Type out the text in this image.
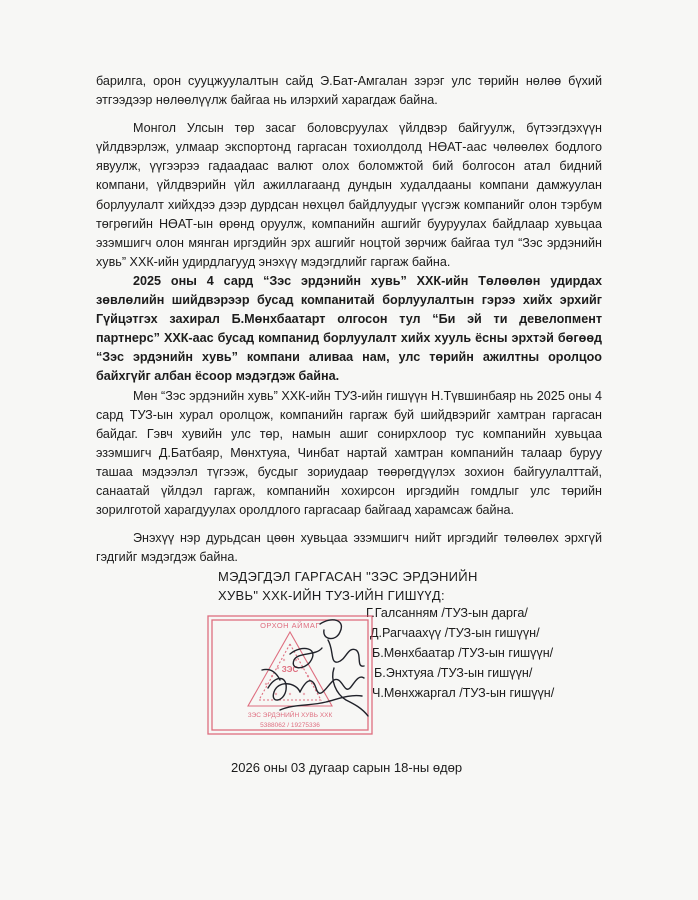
барилга, орон сууцжуулалтын сайд Э.Бат-Амгалан зэрэг улс төрийн нөлөө бүхий этгээдээр нөлөөлүүлж байгаа нь илэрхий харагдаж байна.

Монгол Улсын төр засаг боловсруулах үйлдвэр байгуулж, бүтээгдэхүүн үйлдвэрлэж, улмаар экспортонд гаргасан тохиолдолд НӨАТ-аас чөлөөлөх бодлого явуулж, үүгээрээ гадаадаас валют олох боломжтой бий болгосон атал бидний компани, үйлдвэрийн үйл ажиллагаанд дундын худалдааны компани дамжуулан борлуулалт хийхдээ дээр дурдсан нөхцөл байдлуудыг үүсгэж компанийг олон тэрбум төгрөгийн НӨАТ-ын өрөнд оруулж, компанийн ашгийг бууруулах байдлаар хувьцаа эзэмшигч олон мянган иргэдийн эрх ашгийг ноцтой зөрчиж байгаа тул “Зэс эрдэнийн хувь” ХХК-ийн удирдлагууд энэхүү мэдэгдлийг гаргаж байна.

2025 оны 4 сард “Зэс эрдэнийн хувь” ХХК-ийн Төлөөлөн удирдах зөвлөлийн шийдвэрээр бусад компанитай борлуулалтын гэрээ хийх эрхийг Гүйцэтгэх захирал Б.Мөнхбаатарт олгосон тул “Би эй ти девелопмент партнерс” ХХК-аас бусад компанид борлуулалт хийх хууль ёсны эрхтэй бөгөөд “Зэс эрдэнийн хувь” компани аливаа нам, улс төрийн ажилтны оролцоо байхгүйг албан ёсоор мэдэгдэж байна.

Мөн “Зэс эрдэнийн хувь” ХХК-ийн ТУЗ-ийн гишүүн Н.Түвшинбаяр нь 2025 оны 4 сард ТУЗ-ын хурал оролцож, компанийн гаргаж буй шийдвэрийг хамтран гаргасан байдаг. Гэвч хувийн улс төр, намын ашиг сонирхлоор тус компанийн хувьцаа эзэмшигч Д.Батбаяр, Мөнхтуяа, Чинбат нартай хамтран компанийн талаар буруу ташаа мэдээлэл түгээж, бусдыг зориудаар төөрөгдүүлэх зохион байгуулалттай, санаатай үйлдэл гаргаж, компанийн хохирсон иргэдийн гомдлыг улс төрийн зорилготой харагдуулах оролдлого гаргасаар байгаад харамсаж байна.

Энэхүү нэр дурьдсан цөөн хувьцаа эзэмшигч нийт иргэдийг төлөөлөх эрхгүй гэдгийг мэдэгдэж байна.

МЭДЭГДЭЛ ГАРГАСАН "ЗЭС ЭРДЭНИЙН
ХУВЬ" ХХК-ИЙН ТУЗ-ИЙН ГИШҮҮД:
Г.Галсанням /ТУЗ-ын дарга/
Д.Рагчаахүү /ТУЗ-ын гишүүн/
Б.Мөнхбаатар /ТУЗ-ын гишүүн/
Б.Энхтуяа /ТУЗ-ын гишүүн/
Ч.Мөнхжаргал /ТУЗ-ын гишүүн/
ОРХОН АЙМАГ
ЗЭС
ЗЭС ЭРДЭНИЙН ХУВЬ ХХК
5388062 / 19275336
2026 оны 03 дугаар сарын 18-ны өдөр
